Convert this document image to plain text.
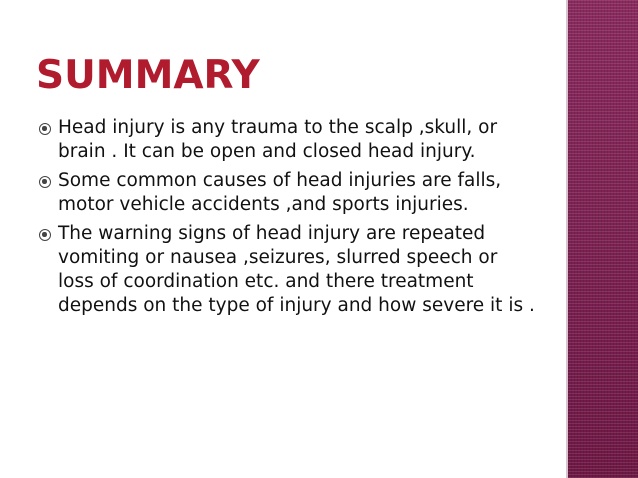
SUMMARY
Head injury is any trauma to the scalp ,skull, or brain . It can be open and closed head injury.
Some common causes of head injuries are falls, motor vehicle accidents ,and sports injuries.
The warning signs of head injury are repeated vomiting or nausea ,seizures, slurred speech or loss of coordination etc. and there treatment depends on the type of injury and how severe it is .
